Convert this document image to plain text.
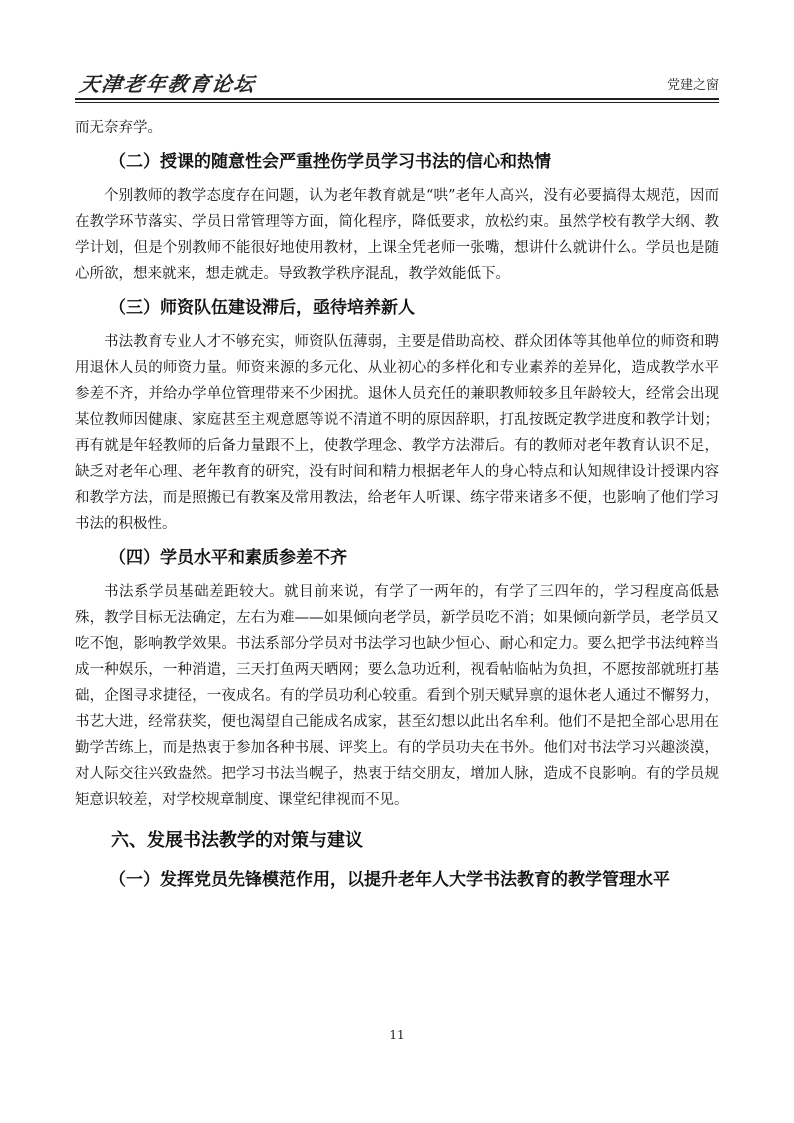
天津老年教育论坛	党建之窗

而无奈弃学。

（二）授课的随意性会严重挫伤学员学习书法的信心和热情

个别教师的教学态度存在问题，认为老年教育就是“哄”老年人高兴，没有必要搞得太规范，因而在教学环节落实、学员日常管理等方面，简化程序，降低要求，放松约束。虽然学校有教学大纲、教学计划，但是个别教师不能很好地使用教材，上课全凭老师一张嘴，想讲什么就讲什么。学员也是随心所欲，想来就来，想走就走。导致教学秩序混乱，教学效能低下。

（三）师资队伍建设滞后，亟待培养新人

书法教育专业人才不够充实，师资队伍薄弱，主要是借助高校、群众团体等其他单位的师资和聘用退休人员的师资力量。师资来源的多元化、从业初心的多样化和专业素养的差异化，造成教学水平参差不齐，并给办学单位管理带来不少困扰。退休人员充任的兼职教师较多且年龄较大，经常会出现某位教师因健康、家庭甚至主观意愿等说不清道不明的原因辞职，打乱按既定教学进度和教学计划；再有就是年轻教师的后备力量跟不上，使教学理念、教学方法滞后。有的教师对老年教育认识不足，缺乏对老年心理、老年教育的研究，没有时间和精力根据老年人的身心特点和认知规律设计授课内容和教学方法，而是照搬已有教案及常用教法，给老年人听课、练字带来诸多不便，也影响了他们学习书法的积极性。

（四）学员水平和素质参差不齐

书法系学员基础差距较大。就目前来说，有学了一两年的，有学了三四年的，学习程度高低悬殊，教学目标无法确定，左右为难——如果倾向老学员，新学员吃不消；如果倾向新学员，老学员又吃不饱，影响教学效果。书法系部分学员对书法学习也缺少恒心、耐心和定力。要么把学书法纯粹当成一种娱乐，一种消遣，三天打鱼两天晒网；要么急功近利，视看帖临帖为负担，不愿按部就班打基础，企图寻求捷径，一夜成名。有的学员功利心较重。看到个别天赋异禀的退休老人通过不懈努力，书艺大进，经常获奖，便也渴望自己能成名成家，甚至幻想以此出名牟利。他们不是把全部心思用在勤学苦练上，而是热衷于参加各种书展、评奖上。有的学员功夫在书外。他们对书法学习兴趣淡漠，对人际交往兴致盎然。把学习书法当幌子，热衷于结交朋友，增加人脉，造成不良影响。有的学员规矩意识较差，对学校规章制度、课堂纪律视而不见。

六、发展书法教学的对策与建议
（一）发挥党员先锋模范作用，以提升老年人大学书法教育的教学管理水平
11
